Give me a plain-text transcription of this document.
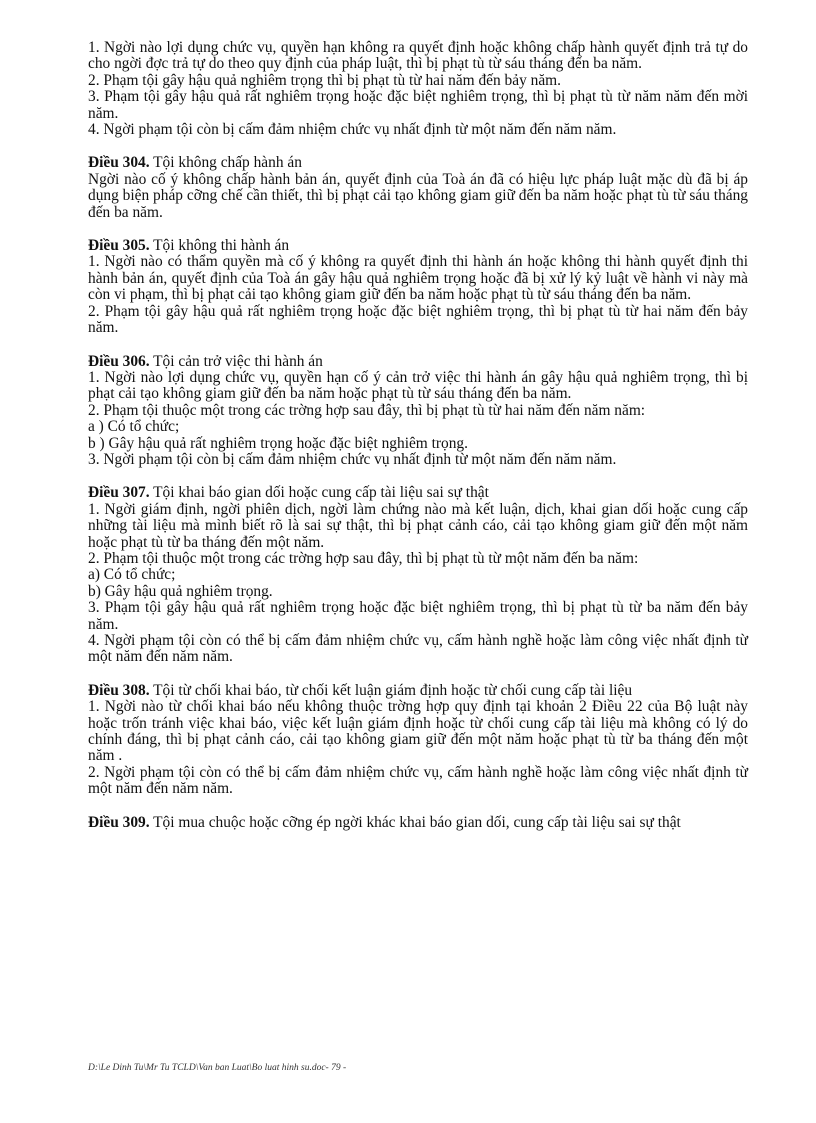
1. Ngời nào lợi dụng chức vụ, quyền hạn không ra quyết định hoặc không chấp hành quyết định trả tự do cho ngời đợc trả tự do theo quy định của pháp luật, thì bị phạt tù từ sáu tháng đến ba năm.

2. Phạm tội gây hậu quả nghiêm trọng thì bị phạt tù từ hai năm đến bảy năm.

3. Phạm tội gây hậu quả rất nghiêm trọng hoặc đặc biệt nghiêm trọng, thì bị phạt tù từ năm năm đến mời năm.

4. Ngời phạm tội còn bị cấm đảm nhiệm chức vụ nhất định từ một năm đến năm năm.

Điều 304. Tội không chấp hành án

Ngời nào cố ý không chấp hành bản án, quyết định của Toà án đã có hiệu lực pháp luật mặc dù đã bị áp dụng biện pháp cỡng chế cần thiết, thì bị phạt cải tạo không giam giữ đến ba năm hoặc phạt tù từ sáu tháng đến ba năm.

Điều 305. Tội không thi hành án

1. Ngời nào có thẩm quyền mà cố ý không ra quyết định thi hành án hoặc không thi hành quyết định thi hành bản án, quyết định của Toà án gây hậu quả nghiêm trọng hoặc đã bị xử lý kỷ luật về hành vi này mà còn vi phạm, thì bị phạt cải tạo không giam giữ đến ba năm hoặc phạt tù từ sáu tháng đến ba năm.

2. Phạm tội gây hậu quả rất nghiêm trọng hoặc đặc biệt nghiêm trọng, thì bị phạt tù từ hai năm đến bảy năm.

Điều 306. Tội cản trở việc thi hành án

1. Ngời nào lợi dụng chức vụ, quyền hạn cố ý cản trở việc thi hành án gây hậu quả nghiêm trọng, thì bị phạt cải tạo không giam giữ đến ba năm hoặc phạt tù từ sáu tháng đến ba năm.

2. Phạm tội thuộc một trong các trờng hợp sau đây, thì bị phạt tù từ hai năm đến năm năm:

a ) Có tổ chức;

b ) Gây hậu quả rất nghiêm trọng hoặc đặc biệt nghiêm trọng.

3. Ngời phạm tội còn bị cấm đảm nhiệm chức vụ nhất định từ một năm đến năm năm.

Điều 307. Tội khai báo gian dối hoặc cung cấp tài liệu sai sự thật

1. Ngời giám định, ngời phiên dịch, ngời làm chứng nào mà kết luận, dịch, khai gian dối hoặc cung cấp những tài liệu mà mình biết rõ là sai sự thật, thì bị phạt cảnh cáo, cải tạo không giam giữ đến một năm hoặc phạt tù từ ba tháng đến một năm.

2. Phạm tội thuộc một trong các trờng hợp sau đây, thì bị phạt tù từ một năm đến ba năm:

a) Có tổ chức;

b) Gây hậu quả nghiêm trọng.

3. Phạm tội gây hậu quả rất nghiêm trọng hoặc đặc biệt nghiêm trọng, thì bị phạt tù từ ba năm đến bảy năm.

4. Ngời phạm tội còn có thể bị cấm đảm nhiệm chức vụ, cấm hành nghề hoặc làm công việc nhất định từ một năm đến năm năm.

Điều 308. Tội từ chối khai báo, từ chối kết luận giám định hoặc từ chối cung cấp tài liệu

1. Ngời nào từ chối khai báo nếu không thuộc trờng hợp quy định tại khoản 2 Điều 22 của Bộ luật này hoặc trốn tránh việc khai báo, việc kết luận giám định hoặc từ chối cung cấp tài liệu mà không có lý do chính đáng, thì bị phạt cảnh cáo, cải tạo không giam giữ đến một năm hoặc phạt tù từ ba tháng đến một năm .

2. Ngời phạm tội còn có thể bị cấm đảm nhiệm chức vụ, cấm hành nghề hoặc làm công việc nhất định từ một năm đến năm năm.

Điều 309. Tội mua chuộc hoặc cỡng ép ngời khác khai báo gian dối, cung cấp tài liệu sai sự thật

D:\Le Dinh Tu\Mr Tu TCLD\Van ban Luat\Bo luat hinh su.doc- 79 -
